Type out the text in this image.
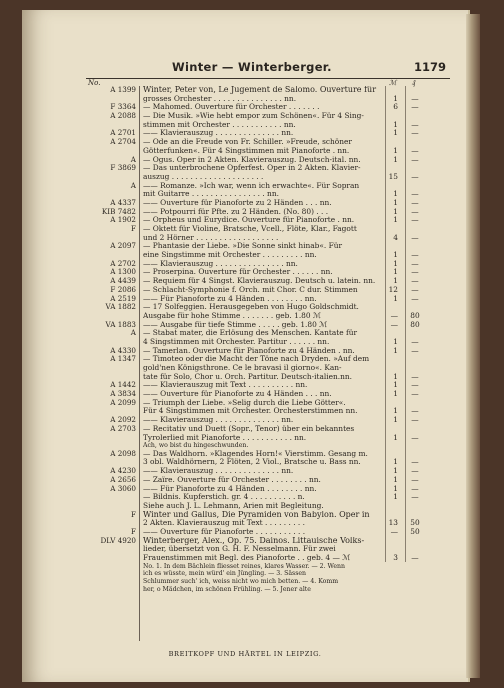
Winter — Winterberger.	1179
No.	ℳ ₰
A 1399 Winter, Peter von, Le Jugement de Salomo. Ouverture für
grosses Orchester . . . . . . . . . . . . . . . nn.	1	—
F 3364 — Mahomed. Ouverture für Orchester . . . . . . .	6	—
A 2088 — Die Musik. »Wie hebt empor zum Schönen«. Für 4 Sing-
stimmen mit Orchester . . . . . . . . . . . nn.	1	—
A 2701 —— Klavierauszug . . . . . . . . . . . . . . nn.	1	—
A 2704 — Ode an die Freude von Fr. Schiller. »Freude, schöner
Götterfunken«. Für 4 Singstimmen mit Pianoforte . nn.	1	—
A — Ogus. Oper in 2 Akten. Klavierauszug. Deutsch-ital. nn.	1	—
F 3869 — Das unterbrochene Opferfest. Oper in 2 Akten. Klavier-
auszug . . . . . . . . . . . . . . . . . . . .	15	—
A —— Romanze. »Ich war, wenn ich erwachte«. Für Sopran
mit Guitarre . . . . . . . . . . . . . . . . nn.	1	—
A 4337 —— Ouverture für Pianoforte zu 2 Händen . . . nn.	1	—
KIB 7482 —— Potpourri für Pfte. zu 2 Händen. (No. 80) . . .	1	—
A 1902 — Orpheus und Eurydice. Ouverture für Pianoforte . nn.	1	—
F — Oktett für Violine, Bratsche, Vcell., Flöte, Klar., Fagott
und 2 Hörner . . . . . . . . . . . . . . . . . .	4	—
A 2097 — Phantasie der Liebe. »Die Sonne sinkt hinab«. Für
eine Singstimme mit Orchester . . . . . . . . . nn.	1	—
A 2702 —— Klavierauszug . . . . . . . . . . . . . . . nn.	1	—
A 1300 — Proserpina. Ouverture für Orchester . . . . . . nn.	1	—
A 4439 — Requiem für 4 Singst. Klavierauszug. Deutsch u. latein. nn.	1	—
F 2086 — Schlacht-Symphonie f. Orch. mit Chor. C dur. Stimmen	12	—
A 2519 —— Für Pianoforte zu 4 Händen . . . . . . . . nn.	1	—
VA 1882 — 17 Solfeggien. Herausgegeben von Hugo Goldschmidt.
Ausgabe für hohe Stimme . . . . . . . geb. 1.80 ℳ	—	80
VA 1883 —— Ausgabe für tiefe Stimme . . . . . geb. 1.80 ℳ	—	80
A — Stabat mater, die Erlösung des Menschen. Kantate für
4 Singstimmen mit Orchester. Partitur . . . . . . nn.	1	—
A 4330 — Tamerlan. Ouverture für Pianoforte zu 4 Händen . nn.	1	—
A 1347 — Timoteo oder die Macht der Töne nach Dryden. »Auf dem
gold'nen Königsthrone. Ce le bravasi il giorno«. Kan-
tate für Solo, Chor u. Orch. Partitur. Deutsch-italien.nn.	1	—
A 1442 —— Klavierauszug mit Text . . . . . . . . . . nn.	1	—
A 3834 —— Ouverture für Pianoforte zu 4 Händen . . . nn.	1	—
A 2099 — Triumph der Liebe. »Selig durch die Liebe Götter«.
Für 4 Singstimmen mit Orchester. Orchesterstimmen nn.	1	—
A 2092 —— Klavierauszug . . . . . . . . . . . . . . nn.	1	—
A 2703 — Recitativ und Duett (Sopr., Tenor) über ein bekanntes
Tyrolerlied mit Pianoforte . . . . . . . . . . . nn.	1	—
Ach, wo bist du hingeschwunden.
A 2098 — Das Waldhorn. »Klagendes Horn!« Vierstimm. Gesang m.
3 obl. Waldhörnern, 2 Flöten, 2 Viol., Bratsche u. Bass nn.	1	—
A 4230 —— Klavierauszug . . . . . . . . . . . . . . nn.	1	—
A 2656 — Zaïre. Ouverture für Orchester . . . . . . . . nn.	1	—
A 3060 —— Für Pianoforte zu 4 Händen . . . . . . . . nn.	1	—
— Bildnis. Kupferstich. gr. 4 . . . . . . . . . . n.	1	—
Siehe auch J. L. Lehmann, Arien mit Begleitung.
F Winter und Gallus, Die Pyramiden von Babylon. Oper in
2 Akten. Klavierauszug mit Text . . . . . . . . .	13	50
F —— Ouverture für Pianoforte . . . . . . . . . . .	—	50
DLV 4920 Winterberger, Alex., Op. 75. Dainos. Littauische Volks-
lieder, übersetzt von G. H. F. Nesselmann. Für zwei
Frauenstimmen mit Begl. des Pianoforte . . geb. 4 — ℳ	3	—
No. 1. In dem Bächlein fliesset reines, klares Wasser. — 2. Wenn
ich es wüsste, mein würd' ein Jüngling. — 3. Sässen
Schlummer such' ich, weiss nicht wo mich betten. — 4. Komm
her, o Mädchen, im schönen Frühling. — 5. Jener alte
BREITKOPF UND HÄRTEL IN LEIPZIG.
